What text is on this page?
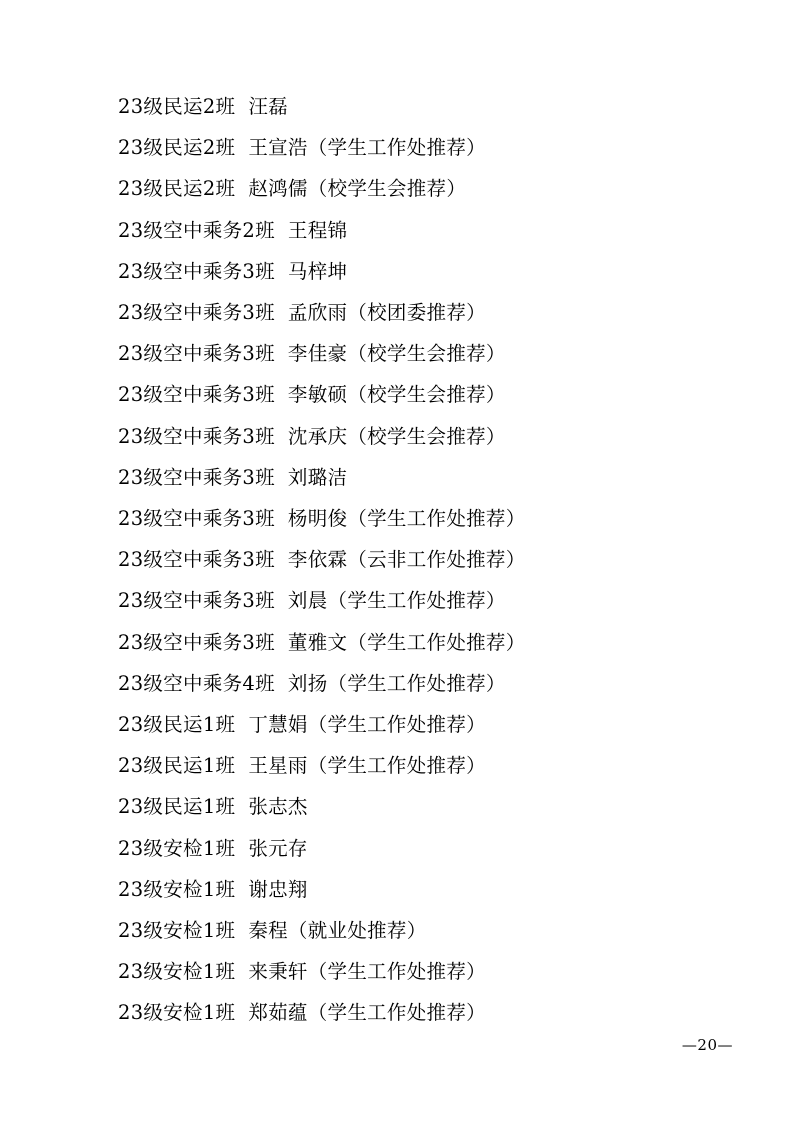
23级民运2班  汪磊
23级民运2班  王宣浩（学生工作处推荐）
23级民运2班  赵鸿儒（校学生会推荐）
23级空中乘务2班  王程锦
23级空中乘务3班  马梓坤
23级空中乘务3班  孟欣雨（校团委推荐）
23级空中乘务3班  李佳豪（校学生会推荐）
23级空中乘务3班  李敏硕（校学生会推荐）
23级空中乘务3班  沈承庆（校学生会推荐）
23级空中乘务3班  刘璐洁
23级空中乘务3班  杨明俊（学生工作处推荐）
23级空中乘务3班  李依霖（云非工作处推荐）
23级空中乘务3班  刘晨（学生工作处推荐）
23级空中乘务3班  董雅文（学生工作处推荐）
23级空中乘务4班  刘扬（学生工作处推荐）
23级民运1班  丁慧娟（学生工作处推荐）
23级民运1班  王星雨（学生工作处推荐）
23级民运1班  张志杰
23级安检1班  张元存
23级安检1班  谢忠翔
23级安检1班  秦程（就业处推荐）
23级安检1班  来秉轩（学生工作处推荐）
23级安检1班  郑茹蕴（学生工作处推荐）
—20—
